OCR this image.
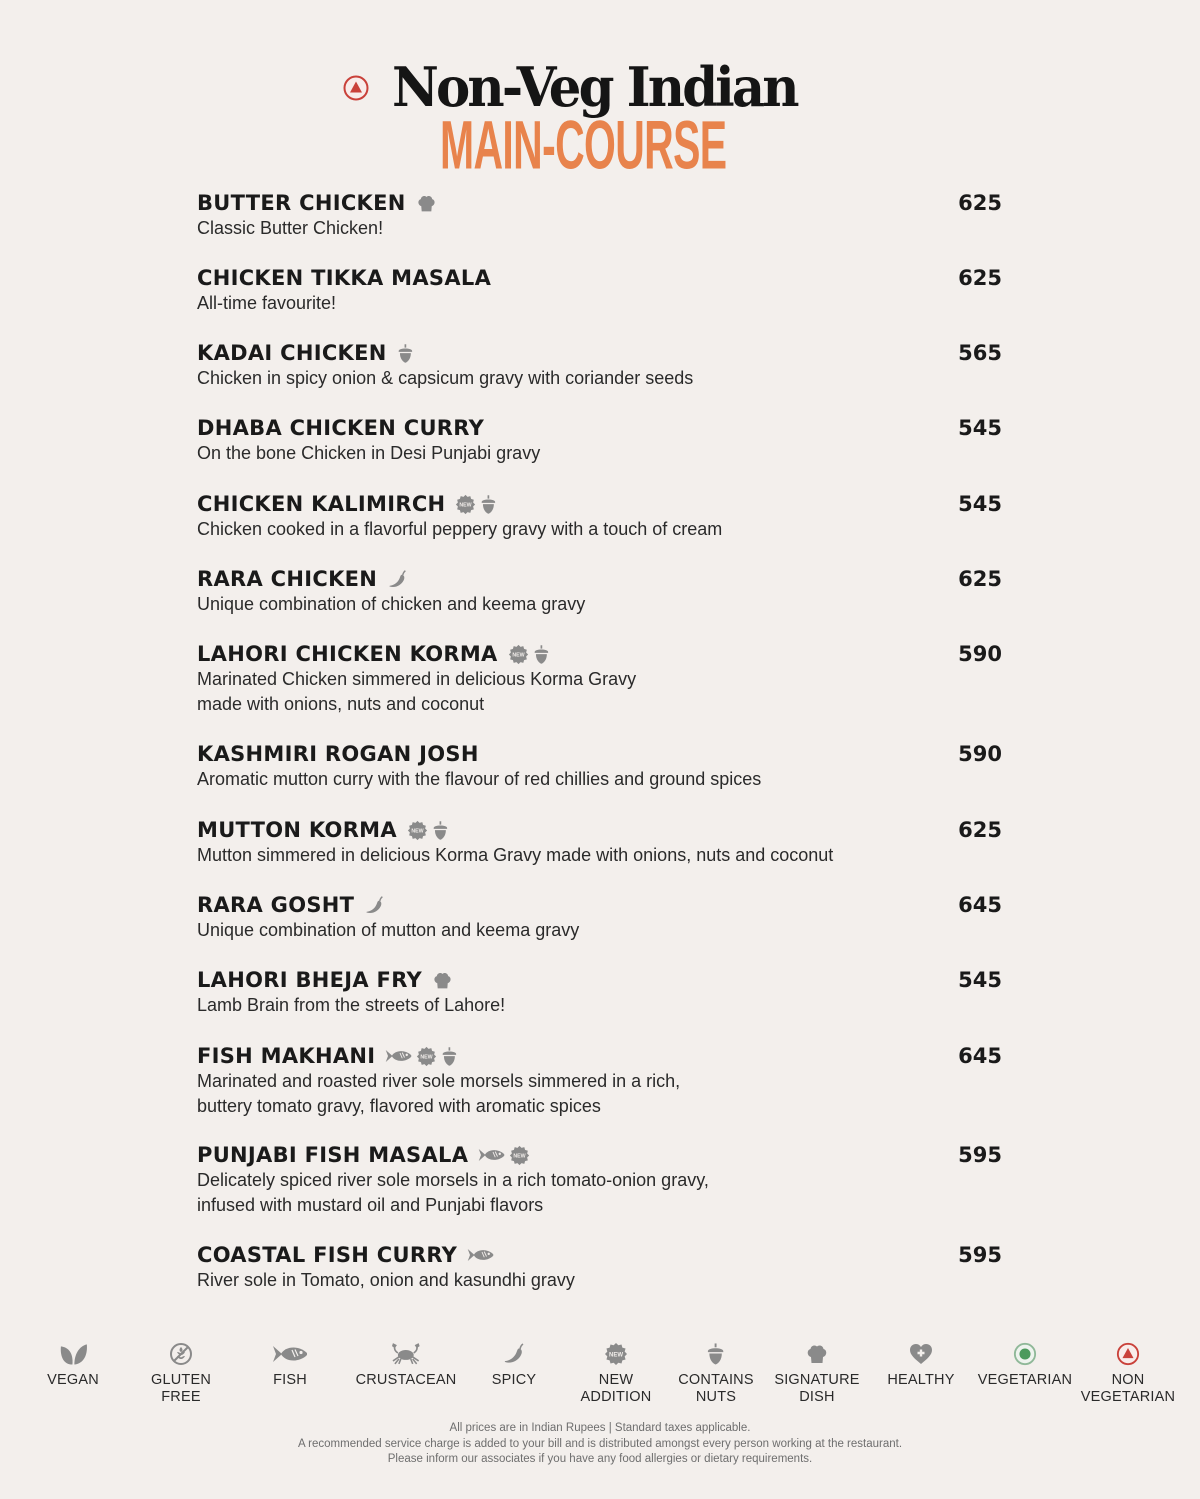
Non-Veg Indian
MAIN-COURSE
BUTTER CHICKEN	625
Classic Butter Chicken!
CHICKEN TIKKA MASALA	625
All-time favourite!
KADAI CHICKEN	565
Chicken in spicy onion & capsicum gravy with coriander seeds
DHABA CHICKEN CURRY	545
On the bone Chicken in Desi Punjabi gravy
CHICKEN KALIMIRCH NEW	545
Chicken cooked in a flavorful peppery gravy with a touch of cream
RARA CHICKEN	625
Unique combination of chicken and keema gravy
LAHORI CHICKEN KORMA NEW	590
Marinated Chicken simmered in delicious Korma Gravy
made with onions, nuts and coconut
KASHMIRI ROGAN JOSH	590
Aromatic mutton curry with the flavour of red chillies and ground spices
MUTTON KORMA NEW	625
Mutton simmered in delicious Korma Gravy made with onions, nuts and coconut
RARA GOSHT	645
Unique combination of mutton and keema gravy
LAHORI BHEJA FRY	545
Lamb Brain from the streets of Lahore!
FISH MAKHANI	NEW	645
Marinated and roasted river sole morsels simmered in a rich,
buttery tomato gravy, flavored with aromatic spices
PUNJABI FISH MASALA	NEW	595
Delicately spiced river sole morsels in a rich tomato-onion gravy,
infused with mustard oil and Punjabi flavors
COASTAL FISH CURRY	595
River sole in Tomato, onion and kasundhi gravy
VEGAN	GLUTEN
FREE
FISH	CRUSTACEAN	SPICY
NEW
NEW
ADDITION
CONTAINS
NUTS
SIGNATURE
DISH
HEALTHY	VEGETARIAN	NON
VEGETARIAN

All prices are in Indian Rupees | Standard taxes applicable.

A recommended service charge is added to your bill and is distributed amongst every person working at the restaurant.

Please inform our associates if you have any food allergies or dietary requirements.
